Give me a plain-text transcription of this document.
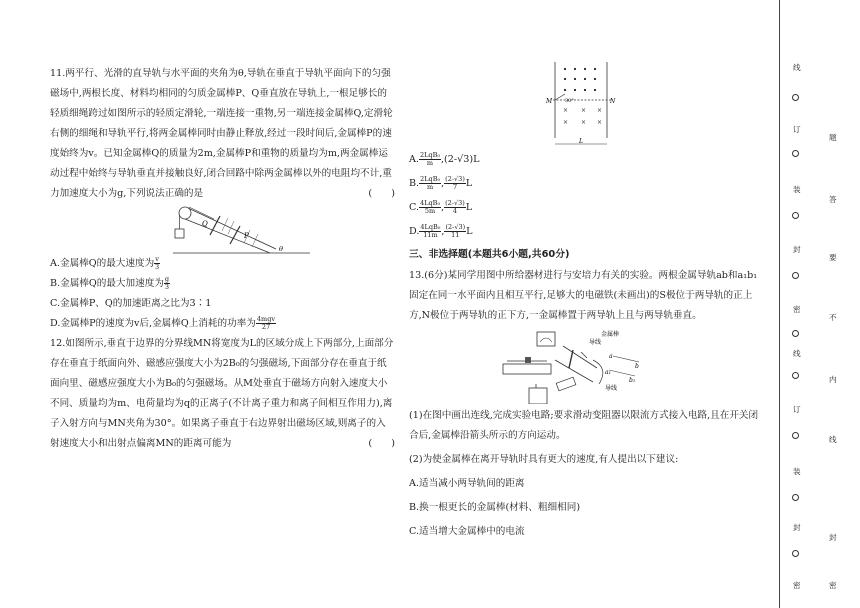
11.两平行、光滑的直导轨与水平面的夹角为θ,导轨在垂直于导轨平面向下的匀强磁场中,两根长度、材料均相同的匀质金属棒P、Q垂直放在导轨上,一根足够长的轻质细绳跨过如图所示的轻质定滑轮,一端连接一重物,另一端连接金属棒Q,定滑轮右侧的细绳和导轨平行,将两金属棒同时由静止释放,经过一段时间后,金属棒P的速度始终为v。已知金属棒Q的质量为2m,金属棒P和重物的质量均为m,两金属棒运动过程中始终与导轨垂直并接触良好,闭合回路中除两金属棒以外的电阻均不计,重力加速度大小为g,下列说法正确的是	(　　)

Q
P
θ

A.金属棒Q的最大速度为 $\frac{v}{3}$

B.金属棒Q的最大加速度为 $\frac{g}{3}$

C.金属棒P、Q的加速距离之比为3∶1

D.金属棒P的速度为v后,金属棒Q上消耗的功率为 $\frac{\text{4mgv}}{27}$

12.如图所示,垂直于边界的分界线MN将宽度为L的区域分成上下两部分,上面部分存在垂直于纸面向外、磁感应强度大小为2B₀的匀强磁场,下面部分存在垂直于纸面向里、磁感应强度大小为B₀的匀强磁场。从M处垂直于磁场方向射入速度大小不同、质量均为m、电荷量均为q的正离子(不计离子重力和离子间相互作用力),离子入射方向与MN夹角为30°。如果离子垂直于右边界射出磁场区域,则离子的入射速度大小和出射点偏离MN的距离可能为	(　　)

× × ×
× × ×
M	N
30°
L

A. $\frac{\text{2LqB₀}}{m} ,(2-√3)L$

B. $\frac{\text{2LqB₀}}{m}$ , $\frac{(2-√3)}{7}$ L

C. $\frac{\text{4LqB₀}}{5m}$ , $\frac{(2-√3)}{4}$ L

D. $\frac{\text{4LqB₀}}{11m}$ , $\frac{(2-√3)}{11}$ L

三、非选择题(本题共6小题,共60分)

13.(6分)某同学用图中所给器材进行与安培力有关的实验。两根金属导轨ab和a₁b₁固定在同一水平面内且相互平行,足够大的电磁铁(未画出)的S极位于两导轨的正上方,N极位于两导轨的正下方,一金属棒置于两导轨上且与两导轨垂直。

导线
金属棒
导线
a
b
a₁
b₁

(1)在图中画出连线,完成实验电路;要求滑动变阻器以限流方式接入电路,且在开关闭合后,金属棒沿箭头所示的方向运动。

(2)为使金属棒在离开导轨时具有更大的速度,有人提出以下建议:

A.适当减小两导轨间的距离

B.换一根更长的金属棒(材料、粗细相同)

C.适当增大金属棒中的电流

线
订
题
装
答
封
要
密
不
线
内
订
线
装
封
封
密	密
